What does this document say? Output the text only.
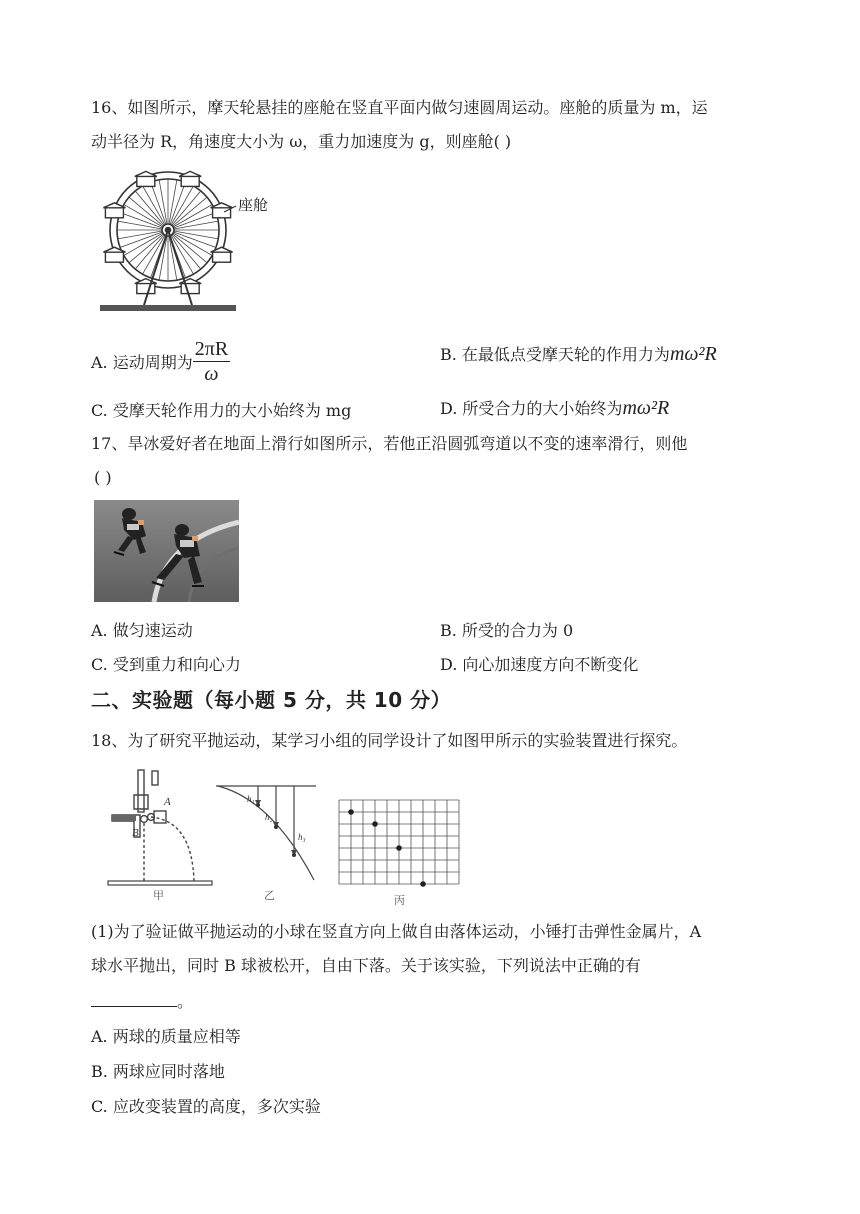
16、如图所示，摩天轮悬挂的座舱在竖直平面内做匀速圆周运动。座舱的质量为 m，运
动半径为 R，角速度大小为 ω，重力加速度为 g，则座舱( )
座舱
A. 运动周期为 $\frac{2\pi R}{\omega}$	B. 在最低点受摩天轮的作用力为mω²R
C. 受摩天轮作用力的大小始终为 mg	D. 所受合力的大小始终为mω²R
17、旱冰爱好者在地面上滑行如图所示，若他正沿圆弧弯道以不变的速率滑行，则他
( )
A. 做匀速运动	B. 所受的合力为 0
C. 受到重力和向心力	D. 向心加速度方向不断变化
二、实验题（每小题 5 分，共 10 分）
18、为了研究平抛运动，某学习小组的同学设计了如图甲所示的实验装置进行探究。
A
B
甲
h₁
h₂
h₃
乙	丙
(1)为了验证做平抛运动的小球在竖直方向上做自由落体运动，小锤打击弹性金属片，A
球水平抛出，同时 B 球被松开，自由下落。关于该实验，下列说法中正确的有
。
A. 两球的质量应相等
B. 两球应同时落地
C. 应改变装置的高度，多次实验
